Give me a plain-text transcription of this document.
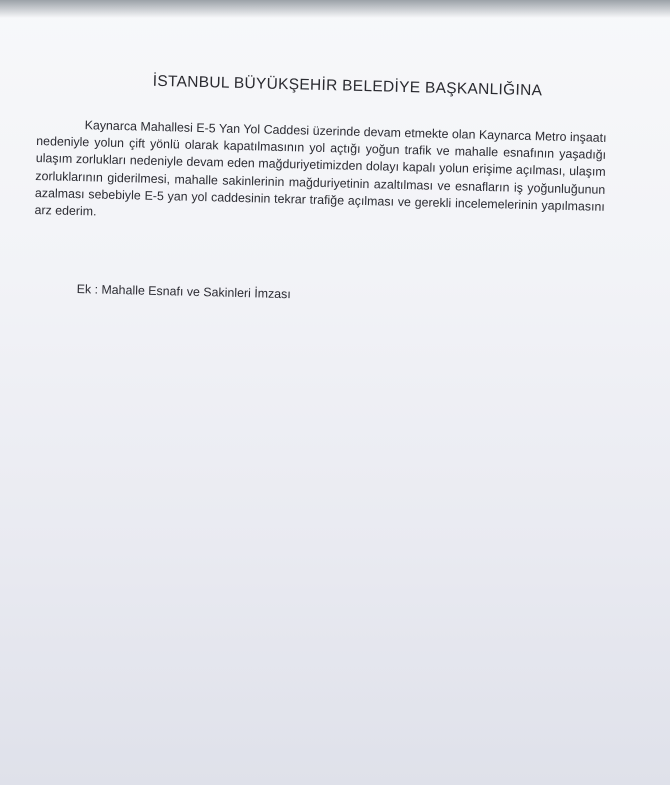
İSTANBUL BÜYÜKŞEHİR BELEDİYE BAŞKANLIĞINA

Kaynarca Mahallesi E-5 Yan Yol Caddesi üzerinde devam etmekte olan Kaynarca Metro inşaatı nedeniyle yolun çift yönlü olarak kapatılmasının yol açtığı yoğun trafik ve mahalle esnafının yaşadığı ulaşım zorlukları nedeniyle devam eden mağduriyetimizden dolayı kapalı yolun erişime açılması, ulaşım zorluklarının giderilmesi, mahalle sakinlerinin mağduriyetinin azaltılması ve esnafların iş yoğunluğunun azalması sebebiyle E-5 yan yol caddesinin tekrar trafiğe açılması ve gerekli incelemelerinin yapılmasını arz ederim.

Ek : Mahalle Esnafı ve Sakinleri İmzası
